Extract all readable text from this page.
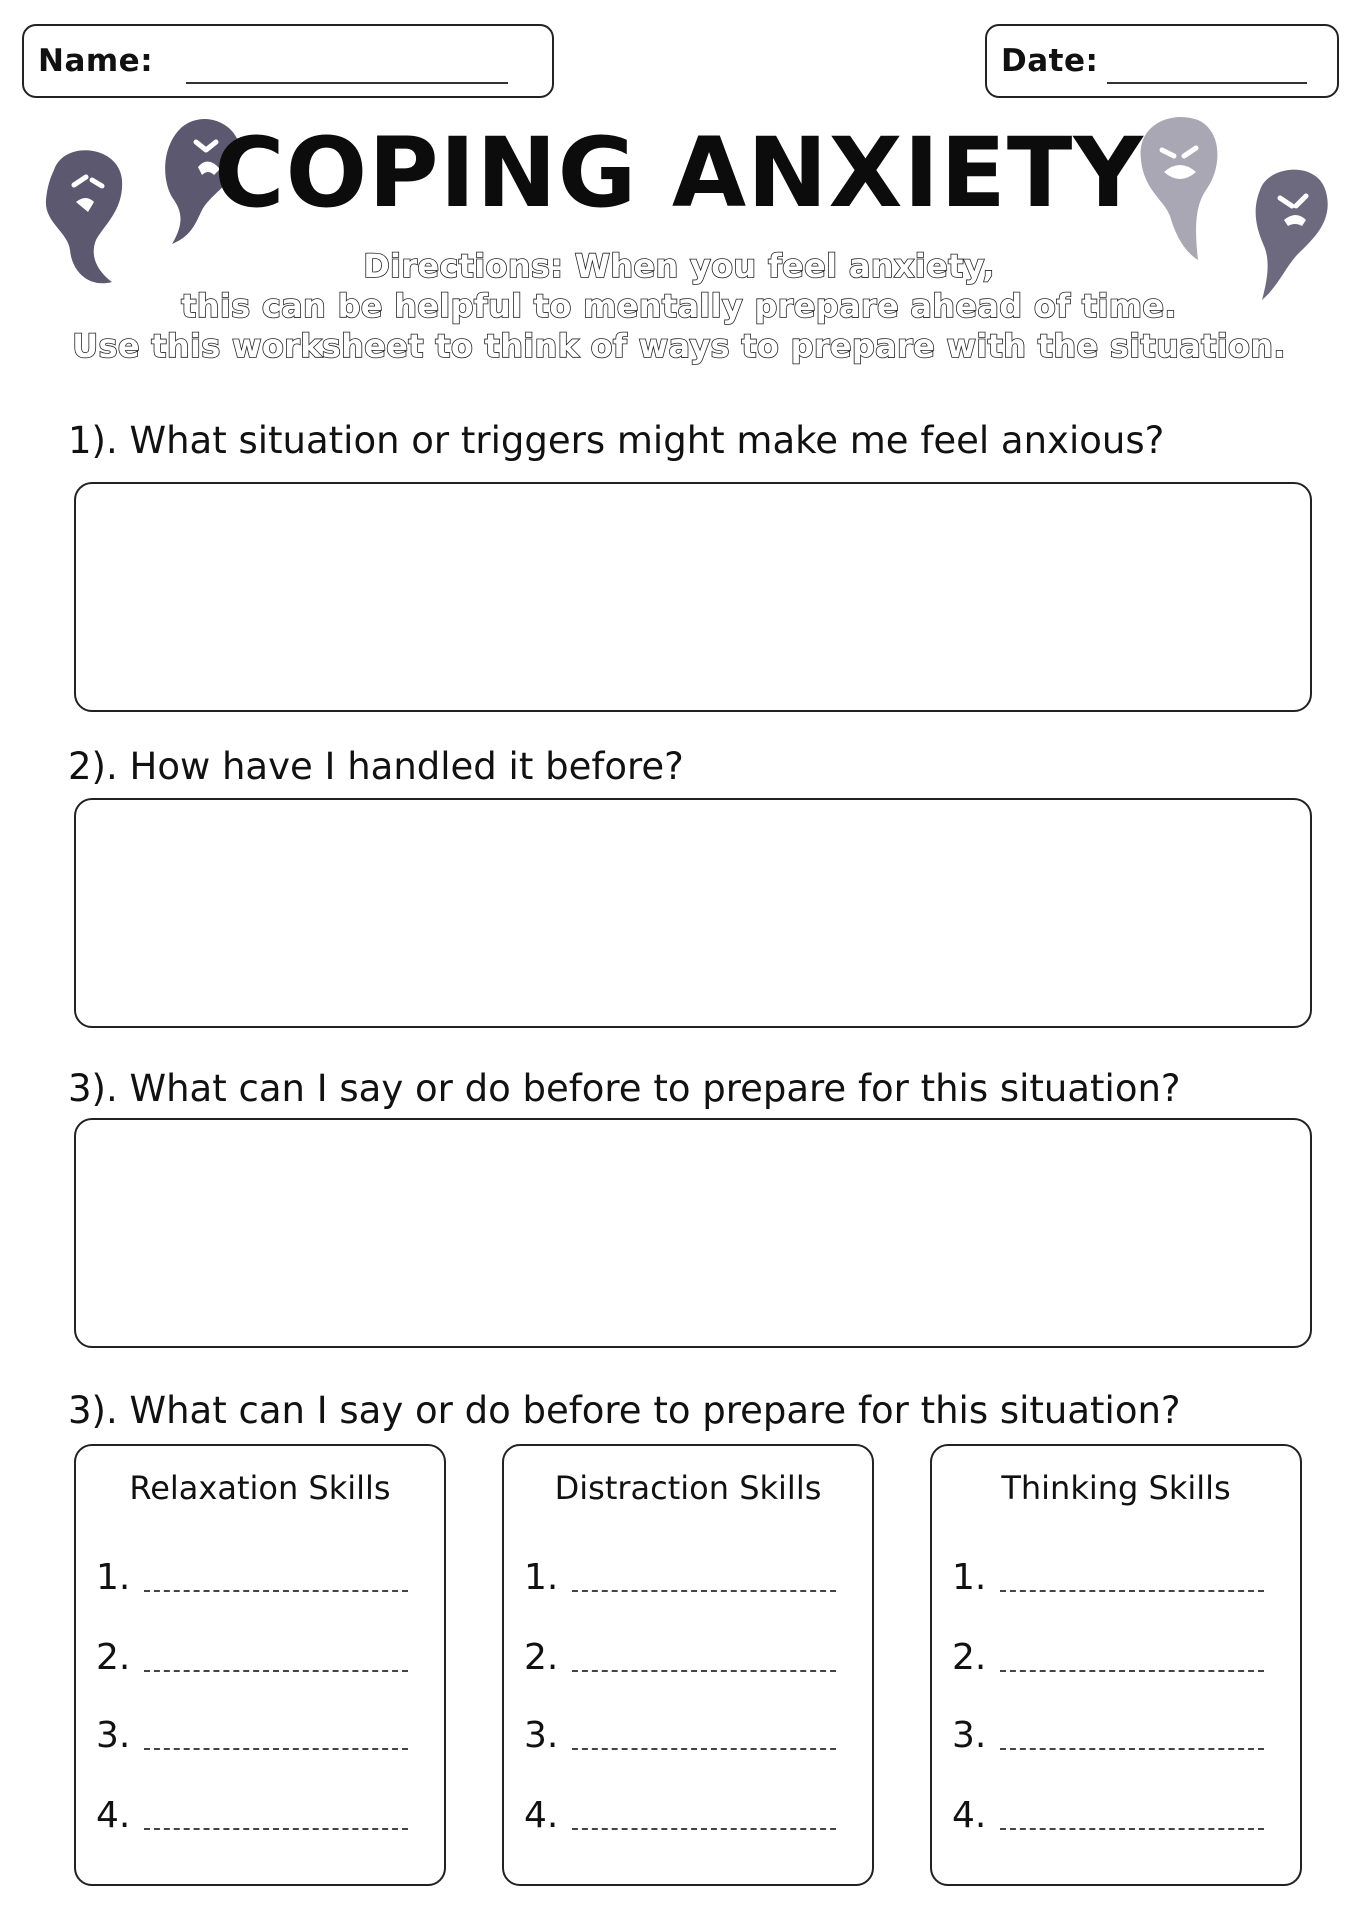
Name:	Date:
COPING ANXIETY
Directions: When you feel anxiety,
this can be helpful to mentally prepare ahead of time.
Use this worksheet to think of ways to prepare with the situation.
1). What situation or triggers might make me feel anxious?
2). How have I handled it before?
3). What can I say or do before to prepare for this situation?
3). What can I say or do before to prepare for this situation?
Relaxation Skills
1.
2.
3.
4.
Distraction Skills
1.
2.
3.
4.
Thinking Skills
1.
2.
3.
4.
